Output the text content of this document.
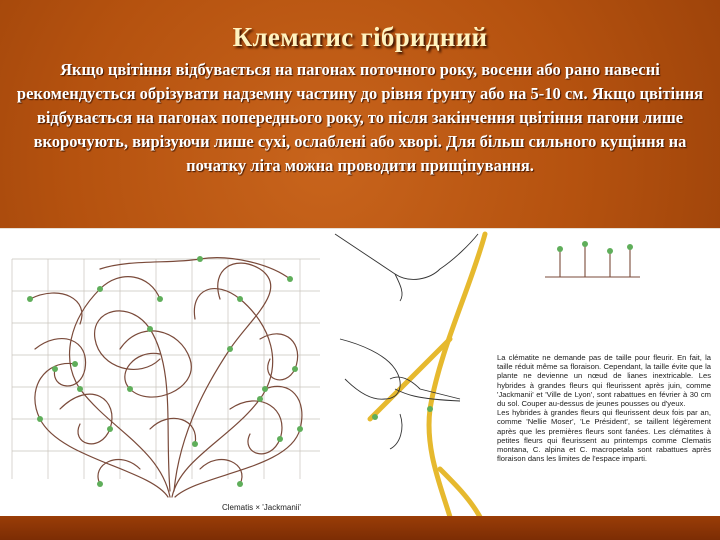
Клематис гібридний
Якщо цвітіння відбувається на пагонах поточного року, восени або рано навесні рекомендується обрізувати надземну частину до рівня ґрунту або на 5-10 см. Якщо цвітіння відбувається на пагонах попереднього року, то після закінчення цвітіння пагони лише вкорочують, вирізуючи лише сухі, ослаблені або хворі. Для більш сильного кущіння на початку літа можна проводити прищіпування.
Clematis × 'Jackmanii'

La clématite ne demande pas de taille pour fleurir. En fait, la taille réduit même sa floraison. Cependant, la taille évite que la plante ne devienne un nœud de lianes inextricable. Les hybrides à grandes fleurs qui fleurissent après juin, comme 'Jackmanii' et 'Ville de Lyon', sont rabattues en février à 30 cm du sol. Couper au-dessus de jeunes pousses ou d'yeux.

Les hybrides à grandes fleurs qui fleurissent deux fois par an, comme 'Nellie Moser', 'Le Président', se taillent légèrement après que les premières fleurs sont fanées. Les clématites à petites fleurs qui fleurissent au printemps comme Clematis montana, C. alpina et C. macropetala sont rabattues après floraison dans les limites de l'espace imparti.
